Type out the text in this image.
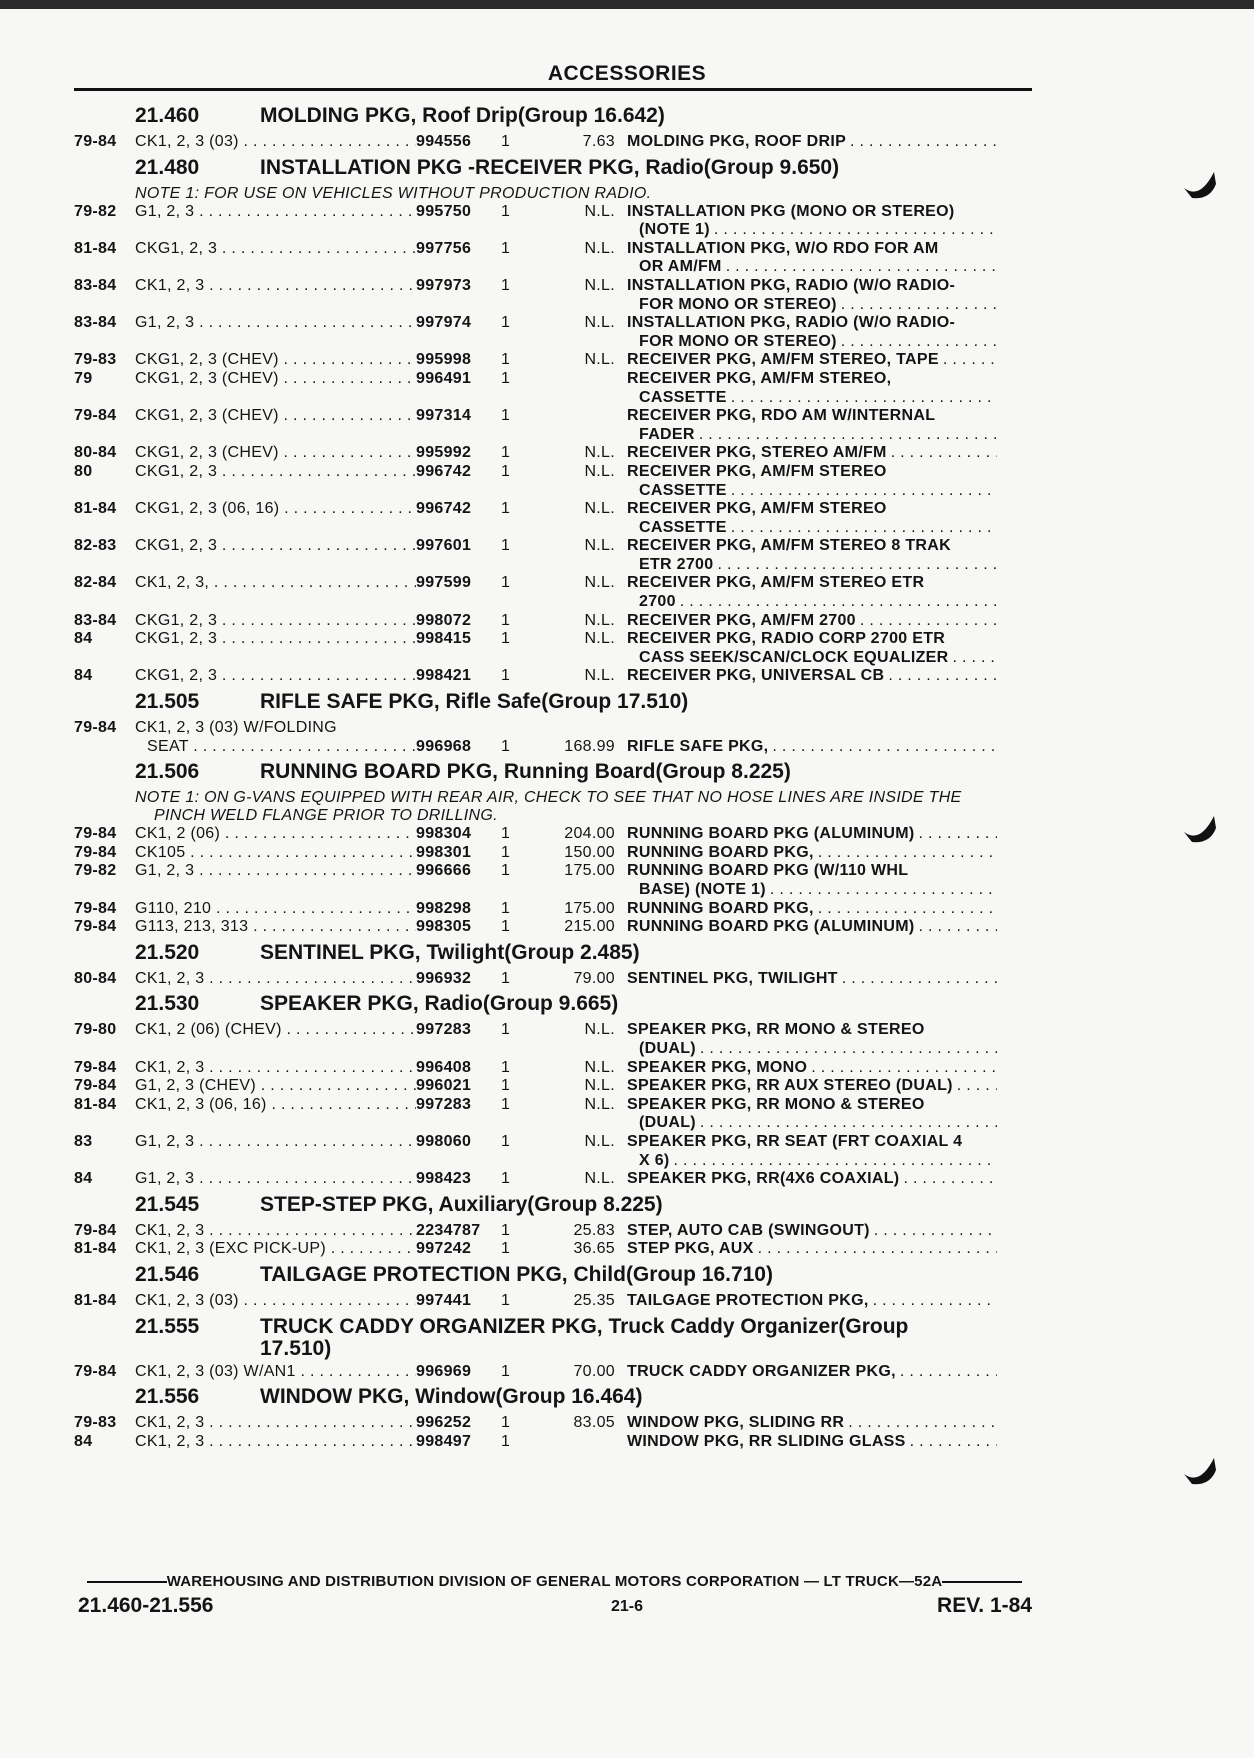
ACCESSORIES
21.460	MOLDING PKG, Roof Drip(Group 16.642)
79-84	CK1, 2, 3 (03) . . .	994556	1	7.63 MOLDING PKG, ROOF DRIP
. . .
21.480	INSTALLATION PKG -RECEIVER PKG, Radio(Group 9.650)
NOTE 1: FOR USE ON VEHICLES WITHOUT PRODUCTION RADIO.
79-82	G1, 2, 3 . . .	995750	1	N.L. INSTALLATION PKG (MONO OR STEREO)
(NOTE 1)
. . .
81-84	CKG1, 2, 3 . . .	997756	1	N.L. INSTALLATION PKG, W/O RDO FOR AM
OR AM/FM
. . .
83-84	CK1, 2, 3 . . .	997973	1	N.L. INSTALLATION PKG, RADIO (W/O RADIO-
FOR MONO OR STEREO)
. . .
83-84	G1, 2, 3 . . .	997974	1	N.L. INSTALLATION PKG, RADIO (W/O RADIO-
FOR MONO OR STEREO)
. . .
79-83	CKG1, 2, 3 (CHEV) . . .	995998	1	N.L. RECEIVER PKG, AM/FM STEREO, TAPE
. . .
79	CKG1, 2, 3 (CHEV) . . .	996491	1	RECEIVER PKG, AM/FM STEREO,
CASSETTE
. . .
79-84	CKG1, 2, 3 (CHEV) . . .	997314	1	RECEIVER PKG, RDO AM W/INTERNAL
FADER
. . .
80-84	CKG1, 2, 3 (CHEV) . . .	995992	1	N.L. RECEIVER PKG, STEREO AM/FM
. . .
80	CKG1, 2, 3 . . .	996742	1	N.L. RECEIVER PKG, AM/FM STEREO
CASSETTE
. . .
81-84	CKG1, 2, 3 (06, 16) . . .	996742	1	N.L. RECEIVER PKG, AM/FM STEREO
CASSETTE
. . .
82-83	CKG1, 2, 3 . . .	997601	1	N.L. RECEIVER PKG, AM/FM STEREO 8 TRAK
ETR 2700
. . .
82-84	CK1, 2, 3, . . .	997599	1	N.L. RECEIVER PKG, AM/FM STEREO ETR
2700
. . .
83-84	CKG1, 2, 3 . . .	998072	1	N.L. RECEIVER PKG, AM/FM 2700
. . .
84	CKG1, 2, 3 . . .	998415	1	N.L. RECEIVER PKG, RADIO CORP 2700 ETR
CASS SEEK/SCAN/CLOCK EQUALIZER
. . .
84	CKG1, 2, 3 . . .	998421	1	N.L. RECEIVER PKG, UNIVERSAL CB
. . .
21.505	RIFLE SAFE PKG, Rifle Safe(Group 17.510)
79-84	CK1, 2, 3 (03) W/FOLDING
SEAT . . .	996968	1	168.99 RIFLE SAFE PKG,
. . .
21.506	RUNNING BOARD PKG, Running Board(Group 8.225)
NOTE 1: ON G-VANS EQUIPPED WITH REAR AIR, CHECK TO SEE THAT NO HOSE LINES ARE INSIDE THE
PINCH WELD FLANGE PRIOR TO DRILLING.
79-84	CK1, 2 (06) . . .	998304	1	204.00 RUNNING BOARD PKG (ALUMINUM)
. . .
79-84	CK105 . . .	998301	1	150.00 RUNNING BOARD PKG,
. . .
79-82	G1, 2, 3 . . .	996666	1	175.00 RUNNING BOARD PKG (W/110 WHL
BASE) (NOTE 1)
. . .
79-84	G110, 210 . . .	998298	1	175.00 RUNNING BOARD PKG,
. . .
79-84	G113, 213, 313 . . .	998305	1	215.00 RUNNING BOARD PKG (ALUMINUM)
. . .
21.520	SENTINEL PKG, Twilight(Group 2.485)
80-84	CK1, 2, 3 . . .	996932	1	79.00 SENTINEL PKG, TWILIGHT
. . .
21.530	SPEAKER PKG, Radio(Group 9.665)
79-80	CK1, 2 (06) (CHEV) . . .	997283	1	N.L. SPEAKER PKG, RR MONO & STEREO
(DUAL)
. . .
79-84	CK1, 2, 3 . . .	996408	1	N.L. SPEAKER PKG, MONO
. . .
79-84	G1, 2, 3 (CHEV) . . .	996021	1	N.L. SPEAKER PKG, RR AUX STEREO (DUAL)
. . .
81-84	CK1, 2, 3 (06, 16) . . .	997283	1	N.L. SPEAKER PKG, RR MONO & STEREO
(DUAL)
. . .
83	G1, 2, 3 . . .	998060	1	N.L. SPEAKER PKG, RR SEAT (FRT COAXIAL 4
X 6)
. . .
84	G1, 2, 3 . . .	998423	1	N.L. SPEAKER PKG, RR(4X6 COAXIAL)
. . .
21.545	STEP-STEP PKG, Auxiliary(Group 8.225)
79-84	CK1, 2, 3 . . .	2234787	1	25.83 STEP, AUTO CAB (SWINGOUT)
. . .
81-84	CK1, 2, 3 (EXC PICK-UP) . . .	997242	1	36.65 STEP PKG, AUX
. . .
21.546	TAILGAGE PROTECTION PKG, Child(Group 16.710)
81-84	CK1, 2, 3 (03) . . .	997441	1	25.35 TAILGAGE PROTECTION PKG,
. . .
21.555	TRUCK CADDY ORGANIZER PKG, Truck Caddy Organizer(Group
17.510)
79-84	CK1, 2, 3 (03) W/AN1 . . .	996969	1	70.00 TRUCK CADDY ORGANIZER PKG,
. . .
21.556	WINDOW PKG, Window(Group 16.464)
79-83	CK1, 2, 3 . . .	996252	1	83.05 WINDOW PKG, SLIDING RR
. . .
84	CK1, 2, 3 . . .	998497	1	WINDOW PKG, RR SLIDING GLASS
. . .
WAREHOUSING AND DISTRIBUTION DIVISION OF GENERAL MOTORS CORPORATION — LT TRUCK—52A
21.460-21.556	21-6	REV. 1-84
